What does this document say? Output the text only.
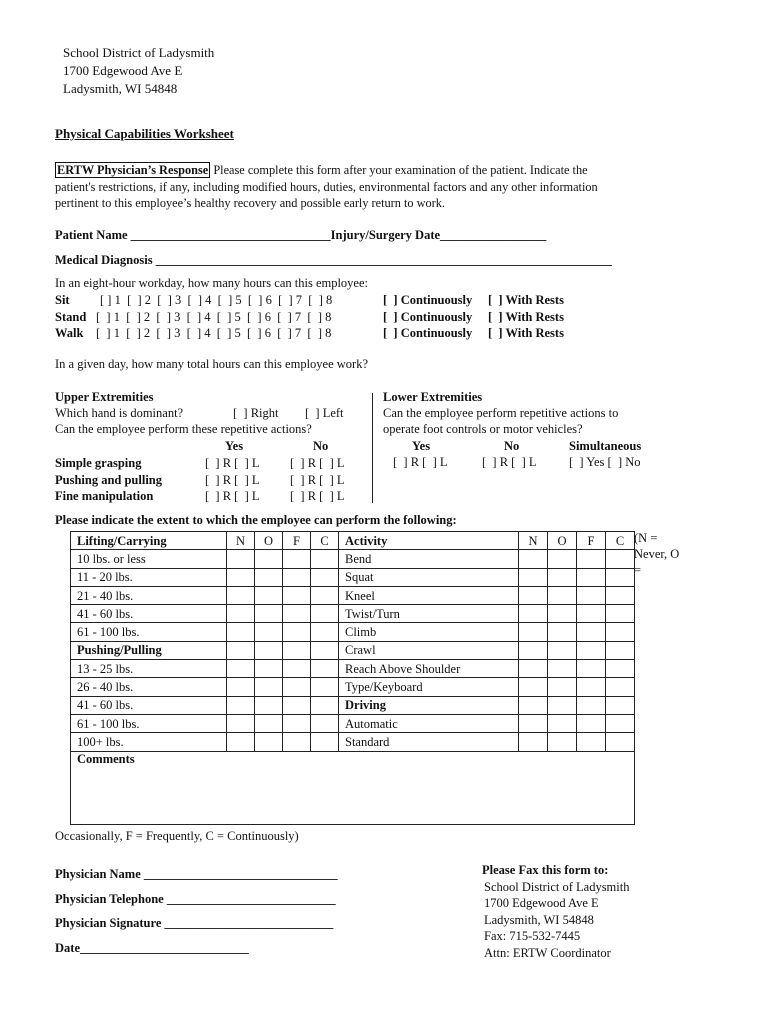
School District of Ladysmith
1700 Edgewood Ave E
Ladysmith, WI 54848
Physical Capabilities Worksheet
ERTW Physician’s Response Please complete this form after your examination of the patient. Indicate the
patient's restrictions, if any, including modified hours, duties, environmental factors and any other information
pertinent to this employee’s healthy recovery and possible early return to work.
Patient Name ________________________________Injury/Surgery Date_________________
Medical Diagnosis _________________________________________________________________________
In an eight-hour workday, how many hours can this employee:
Sit [ ] 1  [  ] 2  [  ] 3  [  ] 4  [  ] 5  [  ] 6  [  ] 7  [  ] 8	[  ] Continuously [  ] With Rests
Stand [  ] 1  [  ] 2  [  ] 3  [  ] 4  [  ] 5  [  ] 6  [  ] 7  [  ] 8	[  ] Continuously [  ] With Rests
Walk [  ] 1  [  ] 2  [  ] 3  [  ] 4  [  ] 5  [  ] 6  [  ] 7  [  ] 8	[  ] Continuously [  ] With Rests
In a given day, how many total hours can this employee work?
Upper Extremities
Which hand is dominant?	[  ] Right [  ] Left
Can the employee perform these repetitive actions?
Yes	No
Simple grasping	[  ] R [  ] L [  ] R [  ] L
Pushing and pulling	[  ] R [  ] L [  ] R [  ] L
Fine manipulation	[  ] R [  ] L [  ] R [  ] L
Lower Extremities
Can the employee perform repetitive actions to
operate foot controls or motor vehicles?
Yes	No	Simultaneous
[  ] R [  ] L	[  ] R [  ] L	[  ] Yes [  ] No
Please indicate the extent to which the employee can perform the following:
Lifting/Carrying	N	O	F	C	Activity	N	O	F	C
10 lbs. or less					Bend				
11 - 20 lbs.					Squat				
21 - 40 lbs.					Kneel				
41 - 60 lbs.					Twist/Turn				
61 - 100 lbs.					Climb				
Pushing/Pulling					Crawl				
13 - 25 lbs.					Reach Above Shoulder				
26 - 40 lbs.					Type/Keyboard				
41 - 60 lbs.					Driving				
61 - 100 lbs.					Automatic				
100+ lbs.					Standard				
Comments									
(N =
Never, O
=
Occasionally, F = Frequently, C = Continuously)
Physician Name _______________________________
Physician Telephone ___________________________
Physician Signature ___________________________
Date___________________________
Please Fax this form to:
School District of Ladysmith
1700 Edgewood Ave E
Ladysmith, WI 54848
Fax: 715-532-7445
Attn: ERTW Coordinator
